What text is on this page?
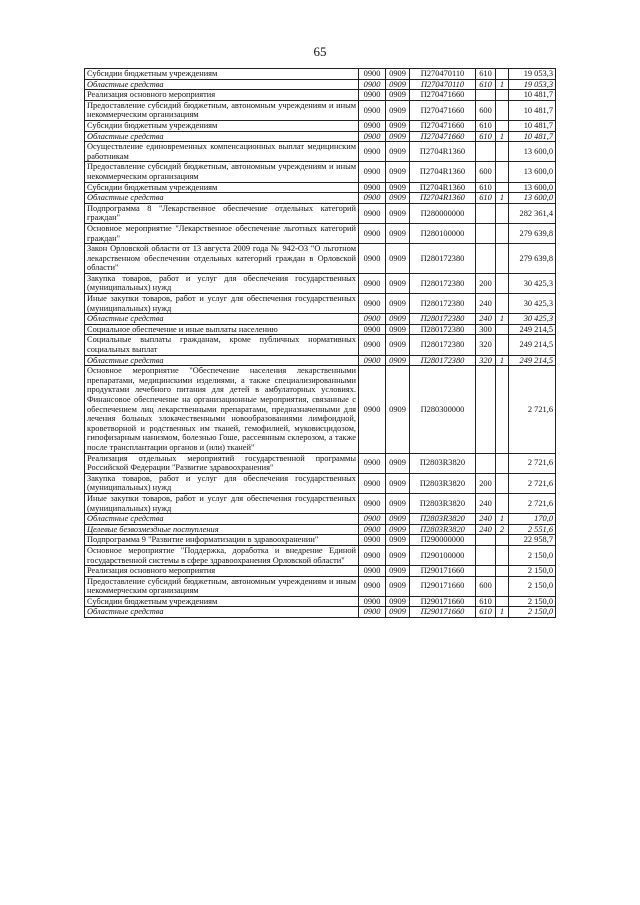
65
Субсидии бюджетным учреждениям	0900	0909	П270470110	610		19 053,3
Областные средства	0900	0909	П270470110	610	1	19 053,3
Реализация основного мероприятия	0900	0909	П270471660			10 481,7
Предоставление субсидий бюджетным, автономным учреждениям и иным некоммерческим организациям	0900	0909	П270471660	600		10 481,7
Субсидии бюджетным учреждениям	0900	0909	П270471660	610		10 481,7
Областные средства	0900	0909	П270471660	610	1	10 481,7
Осуществление единовременных компенсационных выплат медицинским работникам	0900	0909	П2704R1360			13 600,0
Предоставление субсидий бюджетным, автономным учреждениям и иным некоммерческим организациям	0900	0909	П2704R1360	600		13 600,0
Субсидии бюджетным учреждениям	0900	0909	П2704R1360	610		13 600,0
Областные средства	0900	0909	П2704R1360	610	1	13 600,0
Подпрограмма 8 "Лекарственное обеспечение отдельных категорий граждан"	0900	0909	П280000000			282 361,4
Основное мероприятие "Лекарственное обеспечение льготных категорий граждан"	0900	0909	П280100000			279 639,8
Закон Орловской области от 13 августа 2009 года № 942-ОЗ "О льготном лекарственном обеспечении отдельных категорий граждан в Орловской области"	0900	0909	П280172380			279 639,8
Закупка товаров, работ и услуг для обеспечения государственных (муниципальных) нужд	0900	0909	П280172380	200		30 425,3
Иные закупки товаров, работ и услуг для обеспечения государственных (муниципальных) нужд	0900	0909	П280172380	240		30 425,3
Областные средства	0900	0909	П280172380	240	1	30 425,3
Социальное обеспечение и иные выплаты населению	0900	0909	П280172380	300		249 214,5
Социальные выплаты гражданам, кроме публичных нормативных социальных выплат	0900	0909	П280172380	320		249 214,5
Областные средства	0900	0909	П280172380	320	1	249 214,5
Основное мероприятие "Обеспечение населения лекарственными препаратами, медицинскими изделиями, а также специализированными продуктами лечебного питания для детей в амбулаторных условиях. Финансовое обеспечение на организационные мероприятия, связанные с обеспечением лиц лекарственными препаратами, предназначенными для лечения больных злокачественными новообразованиями лимфоидной, кроветворной и родственных им тканей, гемофилией, муковисцидозом, гипофизарным нанизмом, болезнью Гоше, рассеянным склерозом, а также после трансплантации органов и (или) тканей"	0900	0909	П280300000			2 721,6
Реализация отдельных мероприятий государственной программы Российской Федерации "Развитие здравоохранения"	0900	0909	П2803R3820			2 721,6
Закупка товаров, работ и услуг для обеспечения государственных (муниципальных) нужд	0900	0909	П2803R3820	200		2 721,6
Иные закупки товаров, работ и услуг для обеспечения государственных (муниципальных) нужд	0900	0909	П2803R3820	240		2 721,6
Областные средства	0900	0909	П2803R3820	240	1	170,0
Целевые безвозмездные поступления	0900	0909	П2803R3820	240	2	2 551,6
Подпрограмма 9 "Развитие информатизации в здравоохранении"	0900	0909	П290000000			22 958,7
Основное мероприятие "Поддержка, доработка и внедрение Единой государственной системы в сфере здравоохранения Орловской области"	0900	0909	П290100000			2 150,0
Реализация основного мероприятия	0900	0909	П290171660			2 150,0
Предоставление субсидий бюджетным, автономным учреждениям и иным некоммерческим организациям	0900	0909	П290171660	600		2 150,0
Субсидии бюджетным учреждениям	0900	0909	П290171660	610		2 150,0
Областные средства	0900	0909	П290171660	610	1	2 150,0
